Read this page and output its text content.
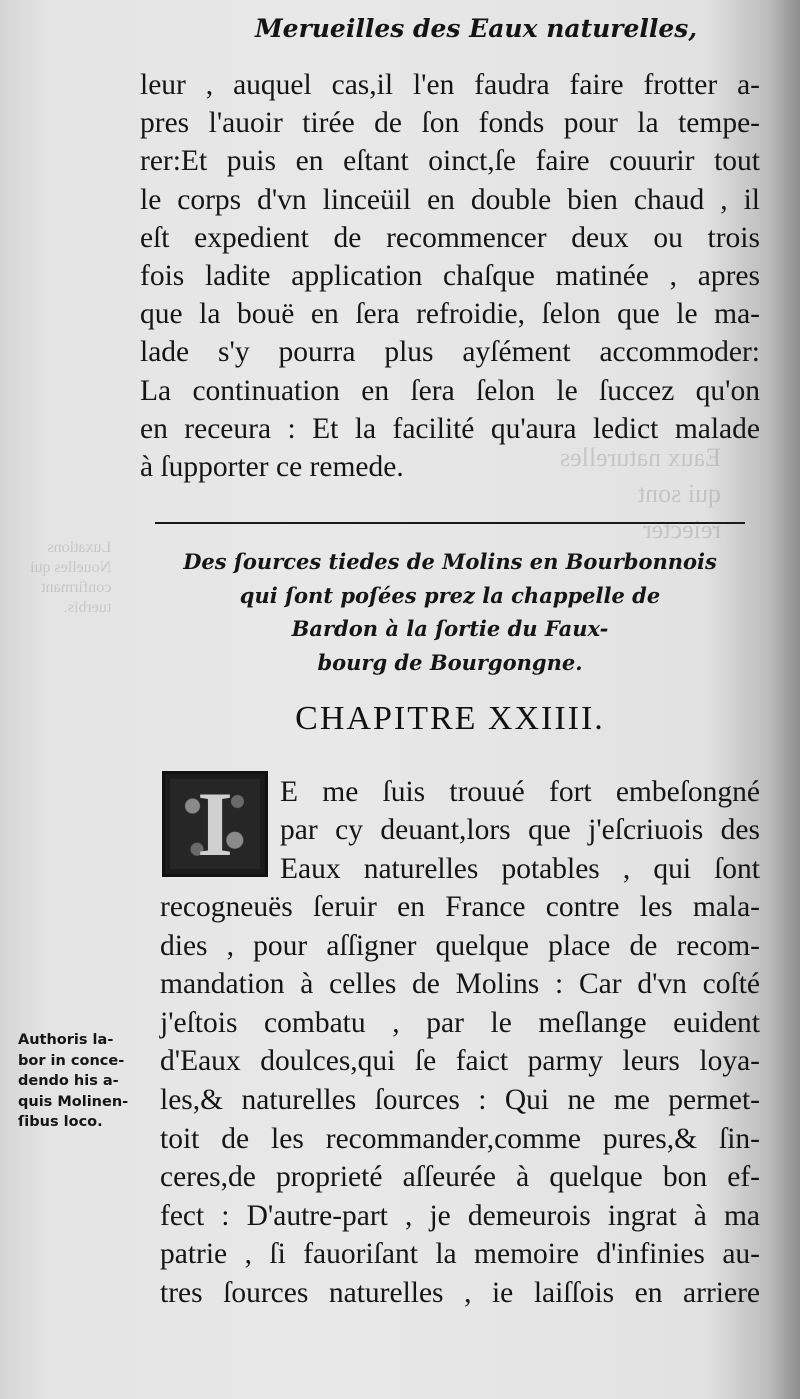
Luxations
Nouelles qui
confirmant
tuerbis.
Eaux naturelles
qui sont
reiecter
Merueilles des Eaux naturelles,
leur , auquel cas,il l'en faudra faire frotter a-
pres l'auoir tirée de ſon fonds pour la tempe-
rer:Et puis en eſtant oinct,ſe faire couurir tout
le corps d'vn linceüil en double bien chaud , il
eſt expedient de recommencer deux ou trois
fois ladite application chaſque matinée , apres
que la bouë en ſera refroidie, ſelon que le ma-
lade s'y pourra plus ayſément accommoder:
La continuation en ſera ſelon le ſuccez qu'on
en receura : Et la facilité qu'aura ledict malade
à ſupporter ce remede.
Des ſources tiedes de Molins en Bourbonnois
qui ſont poſées prez la chappelle de
Bardon à la ſortie du Faux-
bourg de Bourgongne.
CHAPITRE XXIIII.
I	E me ſuis trouué fort embeſongné
par cy deuant,lors que j'eſcriuois des
Eaux naturelles potables , qui ſont
recogneuës ſeruir en France contre les mala-
dies , pour aſſigner quelque place de recom-
mandation à celles de Molins : Car d'vn coſté
j'eſtois combatu , par le meſlange euident
d'Eaux doulces,qui ſe faict parmy leurs loya-
les,& naturelles ſources : Qui ne me permet-
toit de les recommander,comme pures,& ſin-
ceres,de proprieté aſſeurée à quelque bon ef-
fect : D'autre-part , je demeurois ingrat à ma
patrie , ſi fauoriſant la memoire d'infinies au-
tres ſources naturelles , ie laiſſois en arriere
Authoris la-
bor in conce-
dendo his a-
quis Molinen-
ſibus loco.
